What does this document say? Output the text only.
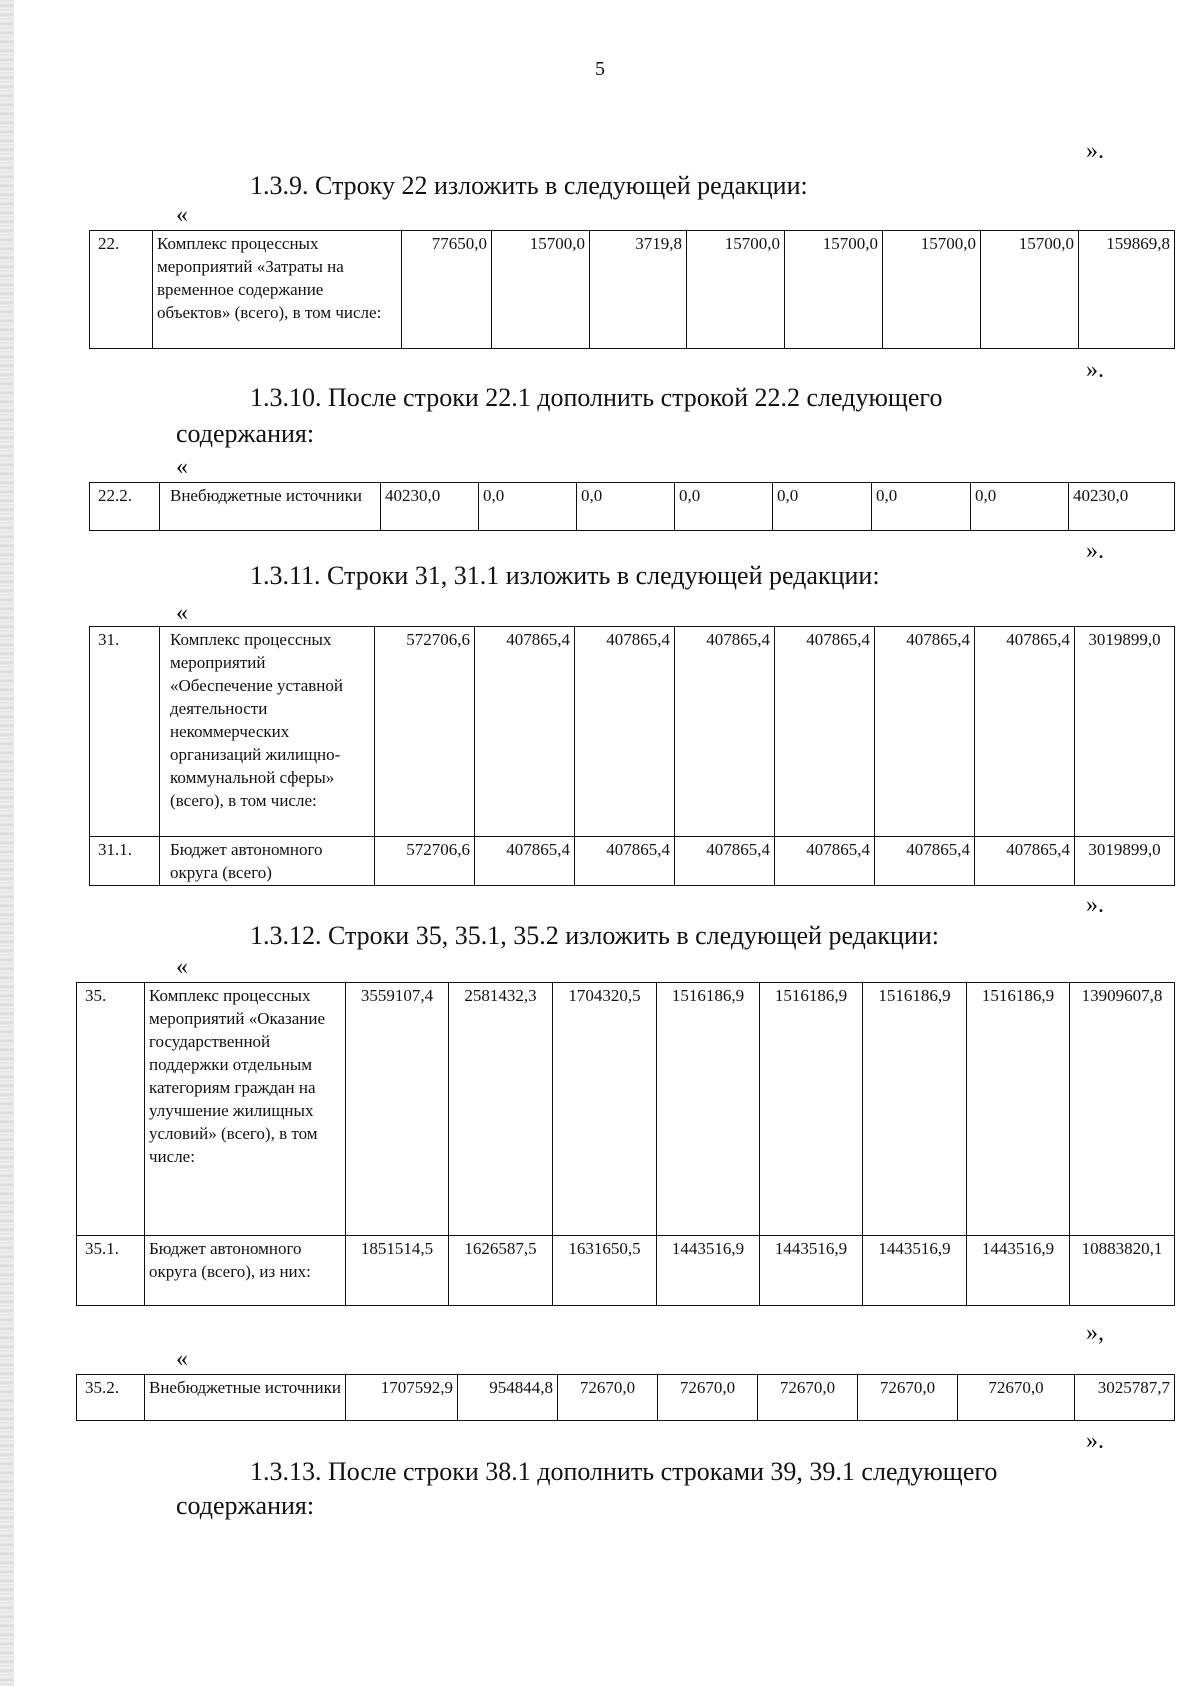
5
».
1.3.9. Строку 22 изложить в следующей редакции:
«
22.	Комплекс процессных мероприятий «Затраты на временное содержание объектов» (всего), в том числе:	77650,0	15700,0	3719,8	15700,0	15700,0	15700,0	15700,0	159869,8
».
1.3.10. После строки 22.1 дополнить строкой 22.2 следующего
содержания:
«
22.2.	Внебюджетные источники	40230,0	0,0	0,0	0,0	0,0	0,0	0,0	40230,0
».
1.3.11. Строки 31, 31.1 изложить в следующей редакции:
«
31.	Комплекс процессных мероприятий «Обеспечение уставной деятельности некоммерческих организаций жилищно-коммунальной сферы» (всего), в том числе:	572706,6	407865,4	407865,4	407865,4	407865,4	407865,4	407865,4	3019899,0
31.1.	Бюджет автономного округа (всего)	572706,6	407865,4	407865,4	407865,4	407865,4	407865,4	407865,4	3019899,0
».
1.3.12. Строки 35, 35.1, 35.2 изложить в следующей редакции:
«
35.	Комплекс процессных мероприятий «Оказание государственной поддержки отдельным категориям граждан на улучшение жилищных условий» (всего), в том числе:	3559107,4	2581432,3	1704320,5	1516186,9	1516186,9	1516186,9	1516186,9	13909607,8
35.1.	Бюджет автономного округа (всего), из них:	1851514,5	1626587,5	1631650,5	1443516,9	1443516,9	1443516,9	1443516,9	10883820,1
»,
«
35.2.	Внебюджетные источники	1707592,9	954844,8	72670,0	72670,0	72670,0	72670,0	72670,0	3025787,7
».
1.3.13. После строки 38.1 дополнить строками 39, 39.1 следующего
содержания:
